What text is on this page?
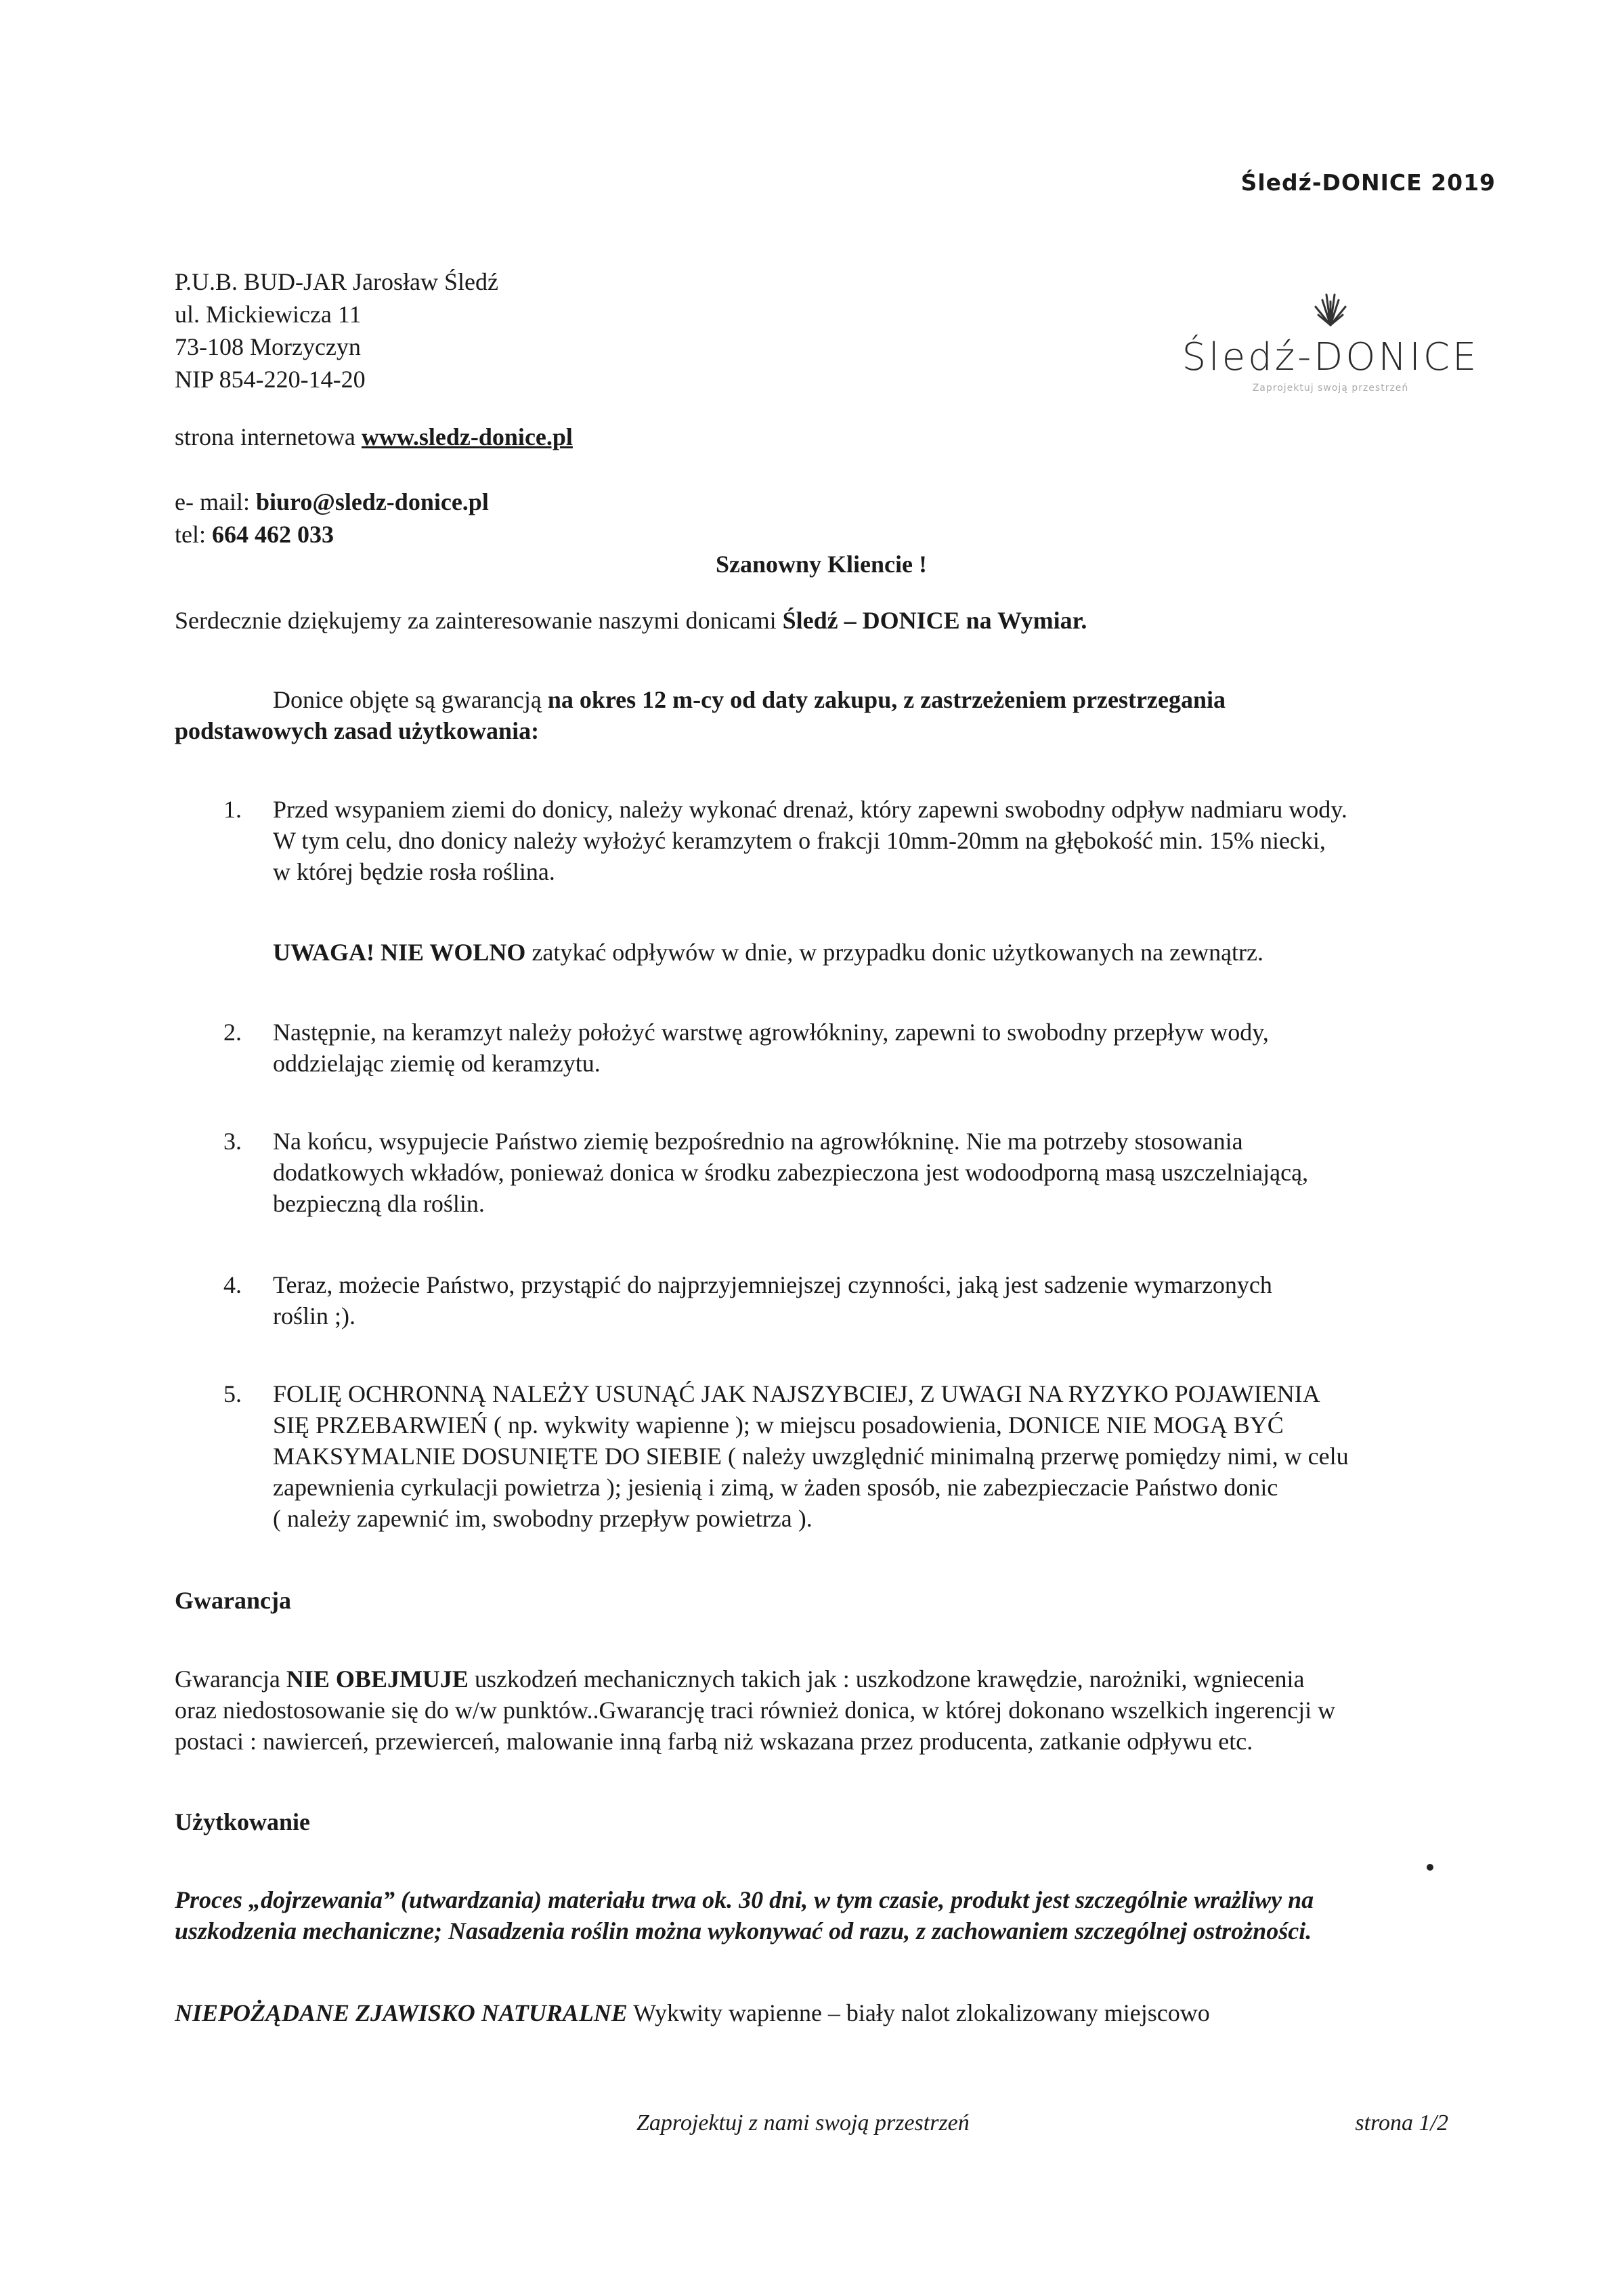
Śledź-DONICE 2019
P.U.B. BUD-JAR Jarosław Śledź
ul. Mickiewicza 11
73-108 Morzyczyn
NIP 854-220-14-20	Śledź-DONICE
Zaprojektuj swoją przestrzeń
strona internetowa www.sledz-donice.pl
e- mail: biuro@sledz-donice.pl
tel: 664 462 033
Szanowny Kliencie !
Serdecznie dziękujemy za zainteresowanie naszymi donicami Śledź – DONICE na Wymiar.
Donice objęte są gwarancją na okres 12 m-cy od daty zakupu, z zastrzeżeniem przestrzegania
podstawowych zasad użytkowania:
1. Przed wsypaniem ziemi do donicy, należy wykonać drenaż, który zapewni swobodny odpływ nadmiaru wody.
W tym celu, dno donicy należy wyłożyć keramzytem o frakcji 10mm-20mm na głębokość min. 15% niecki,
w której będzie rosła roślina.
UWAGA! NIE WOLNO zatykać odpływów w dnie, w przypadku donic użytkowanych na zewnątrz.
2. Następnie, na keramzyt należy położyć warstwę agrowłókniny, zapewni to swobodny przepływ wody,
oddzielając ziemię od keramzytu.
3. Na końcu, wsypujecie Państwo ziemię bezpośrednio na agrowłókninę. Nie ma potrzeby stosowania
dodatkowych wkładów, ponieważ donica w środku zabezpieczona jest wodoodporną masą uszczelniającą,
bezpieczną dla roślin.
4. Teraz, możecie Państwo, przystąpić do najprzyjemniejszej czynności, jaką jest sadzenie wymarzonych
roślin ;).
5. FOLIĘ OCHRONNĄ NALEŻY USUNĄĆ JAK NAJSZYBCIEJ, Z UWAGI NA RYZYKO POJAWIENIA
SIĘ PRZEBARWIEŃ ( np. wykwity wapienne ); w miejscu posadowienia, DONICE NIE MOGĄ BYĆ
MAKSYMALNIE DOSUNIĘTE DO SIEBIE ( należy uwzględnić minimalną przerwę pomiędzy nimi, w celu
zapewnienia cyrkulacji powietrza ); jesienią i zimą, w żaden sposób, nie zabezpieczacie Państwo donic
( należy zapewnić im, swobodny przepływ powietrza ).
Gwarancja
Gwarancja NIE OBEJMUJE uszkodzeń mechanicznych takich jak : uszkodzone krawędzie, narożniki, wgniecenia
oraz niedostosowanie się do w/w punktów..Gwarancję traci również donica, w której dokonano wszelkich ingerencji w
postaci : nawierceń, przewierceń, malowanie inną farbą niż wskazana przez producenta, zatkanie odpływu etc.
Użytkowanie
Proces „dojrzewania” (utwardzania) materiału trwa ok. 30 dni, w tym czasie, produkt jest szczególnie wrażliwy na
uszkodzenia mechaniczne; Nasadzenia roślin można wykonywać od razu, z zachowaniem szczególnej ostrożności.
NIEPOŻĄDANE ZJAWISKO NATURALNE Wykwity wapienne – biały nalot zlokalizowany miejscowo
Zaprojektuj z nami swoją przestrzeń	strona 1/2
